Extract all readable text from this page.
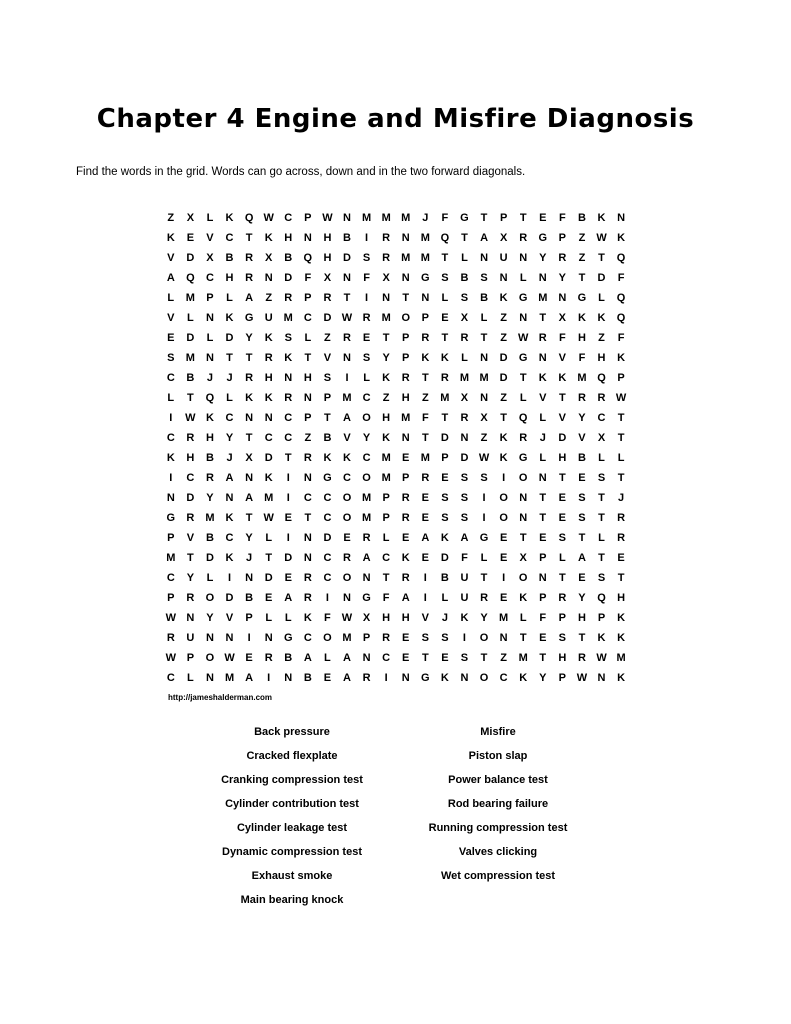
Chapter 4 Engine and Misfire Diagnosis
Find the words in the grid. Words can go across, down and in the two forward diagonals.
Z	X	L	K	Q W C	P W N	M M M	J	F	G	T	P	T	E	F	B	K	N
K	E	V	C	T	K	H	N	H	B	I	R	N	M Q	T	A	X	R	G	P	Z	W K
V	D	X	B	R	X	B	Q	H	D	S	R	M M	T	L	N	U	N	Y	R	Z	T	Q
A	Q	C	H	R	N	D	F	X	N	F	X	N	G	S	B	S	N	L	N	Y	T	D	F
L	M	P	L	A	Z	R	P	R	T	I	N	T	N	L	S	B	K	G M	N	G	L	Q
V	L	N	K	G	U	M	C	D W R	M O	P	E	X	L	Z	N	T	X	K	K	Q
E	D	L	D	Y	K	S	L	Z	R	E	T	P	R	T	R	T	Z	W R	F	H	Z	F
S	M	N	T	T	R	K	T	V	N	S	Y	P	K	K	L	N	D	G	N	V	F	H	K
C	B	J	J	R	H	N	H	S	I	L	K	R	T	R	M M	D	T	K	K	M Q	P
L	T	Q	L	K	K	R	N	P	M	C	Z	H	Z	M	X	N	Z	L	V	T	R	R W
I	W K	C	N	N	C	P	T	A	O	H	M	F	T	R	X	T	Q	L	V	Y	C	T
C	R	H	Y	T	C	C	Z	B	V	Y	K	N	T	D	N	Z	K	R	J	D	V	X	T
K	H	B	J	X	D	T	R	K	K	C	M	E	M	P	D W K	G	L	H	B	L	L
I	C	R	A	N	K	I	N	G	C	O M	P	R	E	S	S	I	O	N	T	E	S	T
N	D	Y	N	A	M	I	C	C	O M	P	R	E	S	S	I	O	N	T	E	S	T	J
G	R	M	K	T	W E	T	C	O M	P	R	E	S	S	I	O	N	T	E	S	T	R
P	V	B	C	Y	L	I	N	D	E	R	L	E	A	K	A	G	E	T	E	S	T	L	R
M	T	D	K	J	T	D	N	C	R	A	C	K	E	D	F	L	E	X	P	L	A	T	E
C	Y	L	I	N	D	E	R	C	O	N	T	R	I	B	U	T	I	O	N	T	E	S	T
P	R	O	D	B	E	A	R	I	N	G	F	A	I	L	U	R	E	K	P	R	Y	Q	H
W N	Y	V	P	L	L	K	F	W X	H	H	V	J	K	Y	M	L	F	P	H	P	K
R	U	N	N	I	N	G	C	O M	P	R	E	S	S	I	O	N	T	E	S	T	K	K
W P	O W E	R	B	A	L	A	N	C	E	T	E	S	T	Z	M	T	H	R W M
C	L	N	M	A	I	N	B	E	A	R	I	N	G	K	N	O	C	K	Y	P W N	K
http://jameshalderman.com
Back pressure
Cracked flexplate
Cranking compression test
Cylinder contribution test
Cylinder leakage test
Dynamic compression test
Exhaust smoke
Main bearing knock
Misfire
Piston slap
Power balance test
Rod bearing failure
Running compression test
Valves clicking
Wet compression test
